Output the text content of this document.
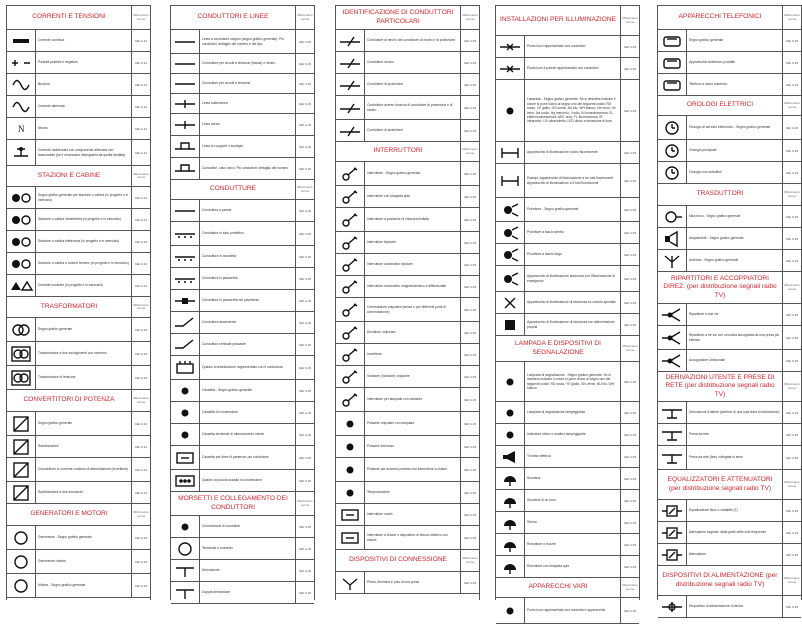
CORRENTI E TENSIONI	Riferimento norme
Corrente continua	CEI 3-14
Polarità positiva e negativa	CEI 3-14
Bicolore	CEI 3-14
Corrente alternata	CEI 3-14
N	Neutro	CEI 3-14
Corrente raddrizzata con componente alternata non trascurabile (se è necessario distinguerla da quella livellata)	CEI 3-14
STAZIONI E CABINE	Riferimento norme
Segno grafico generale per stazione o cabina (in progetto e in esercizio)	CEI 3-14
Stazione o cabina idroelettrica (in progetto e in esercizio)	CEI 3-14
Stazione o cabina elettronica (in progetto e in esercizio)	CEI 3-14
Stazione o cabina a motore termico (in progetto e in esercizio)	CEI 3-14
Centrale nucleare (in progetto e in esercizio)	CEI 3-14
TRASFORMATORI	Riferimento norme
Segno grafico generale	CEI 3-14
Trasformatore a due avvolgimenti con schermo	CEI 3-14
Trasformatore di tensione	CEI 3-14
CONVERTITORI DI POTENZA	Riferimento norme
Segno grafico generale	CEI 3-14
Raddrizzatore	CEI 3-14
Convertitore in corrente continua di alimentazione (invertitore)	CEI 3-14
Raddrizzatore a due semionde	CEI 3-14
GENERATORI E MOTORI	Riferimento norme
Generatore - Segno grafico generale	CEI 3-14
Generatore rotante	CEI 3-14
Motore - Segno grafico generale	CEI 3-14
CONDUTTORI E LINEE	Riferimento norme
Linea a conduttore singolo (segno grafico generale). Più conduttori: dettaglio del numero e del tipo	CEI 3-15
Conduttore per circuiti a tensione (bassa) o neutro	CEI 3-15
Conduttore per circuiti a tensione	CEI 3-15
Linea sotterranea	CEI 3-15
Linea aerea	CEI 3-15
Linea su supporti o sostegni	CEI 3-15
Conduttori, cavo cieco. Più conduttori: dettaglio del numero	CEI 3-15
CONDUTTURE	Riferimento norme
Conduttura a parete	CEI 3-15
Conduttura in tubo protettivo	CEI 3-15
Conduttura in canaletta	CEI 3-15
Conduttura in passerella	CEI 3-15
Conduttura in passerella nel pavimento	CEI 3-15
Conduttura ascendente	CEI 3-15
Conduttura verticale passante	CEI 3-15
Quadro di distribuzione rappresentato con 5 conduttura	CEI 3-15
Cassetta - Segno grafico generale	CEI 3-15
Cassetta di connessione	CEI 3-15
Cassetta terminale di allacciamento utente	CEI 3-15
Cassetta per linee di partenza: più conduttore	CEI 3-15
Quadro di piccola scatola di connessione	CEI 3-15
MORSETTI E COLLEGAMENTO DEI CONDUTTORI
Riferimento norme
Connessione di conduttori	CEI 3-15
Terminale o morsetto	CEI 3-15
Derivazione	CEI 3-15
Doppia derivazione	CEI 3-15
IDENTIFICAZIONE DI CONDUTTORI PARTICOLARI
Riferimento norme
Conduttore di neutro del conduttore di neutro e di protezione	CEI 3-15
Conduttore neutro	CEI 3-15
Conduttore di protezione	CEI 3-15
Conduttore avente funzioni di conduttore di protezione e di neutro	CEI 3-15
Conduttore di protezione	CEI 3-15
INTERRUTTORI	Riferimento norme
Interruttore - Segno grafico generale	CEI 3-15
Interruttore con lampada spia	CEI 3-15
Interruttore a posizione di chiusura limitata	CEI 3-15
Interruttore bipolare	CEI 3-15
Interruttore automatico bipolare	CEI 3-15
Interruttore automatico magnetotermico e differenziale	CEI 3-15
Commutatore unipolare (senza o per differenti punti di commutazione)	CEI 3-15
Deviatore unipolare	CEI 3-15
Invertitore	CEI 3-15
Variatore (Variatori) unipolare	CEI 3-15
Interruttore per lampade con variatore	CEI 3-15
Pulsante unipolare con lampada	CEI 3-15
Pulsante luminoso	CEI 3-15
Pulsante per accesso protetto con interruttore a chiave	CEI 3-15
Temporizzatore	CEI 3-15
Interruttore orario	CEI 3-15
Interruttore a chiave o dispositivo di blocco elettrico con chiave	CEI 3-15
DISPOSITIVI DI CONNESSIONE	Riferimento norme
Presa, femmina e polo di una presa	CEI 3-15
INSTALLAZIONI PER ILLUMINAZIONE	Riferimento norme
Punto luce rappresentato con conduttori	CEI 3-15
Punto luce a parete rappresentato con conduttori	CEI 3-15
Lampada - Segno grafico generale. Se si desidera indicare il colore si pone vicino al segno uno dei seguenti codici: RD rosso, YE giallo, GN verde, BU blu, WH bianco, Ne neon, Xe xeno, Na sodio, Hg mercurio, I iodio, IN incandescenza, EL elettroluminescenza, ARC arco, FL fluorescenza, IR infrarosso, UV ultravioletto, LED diodo a emissione di luce
CEI 3-15
Apparecchio di illuminazione a tubo fluorescente	CEI 3-15
Esempi: Apparecchio di illuminazione a tre tubi fluorescenti. Apparecchio di illuminazione a 5 tubi fluorescenti	CEI 3-15
Proiettore - Segno grafico generale	CEI 3-15
Proiettore a fascio stretto	CEI 3-15
Proiettore a fascio largo	CEI 3-15
Apparecchio di illuminazione autonomo per l'illuminazione di emergenza	CEI 3-15
Apparecchio di illuminazione di sicurezza su circuito speciale	CEI 3-15
Apparecchio di illuminazione di sicurezza con alimentazione propria	CEI 3-15
LAMPADA E DISPOSITIVI DI SEGNALAZIONE
Riferimento norme
Lampada di segnalazione - Segno grafico generale. Se si desidera indicare il colore si pone vicino al segno uno dei seguenti codici: RD rosso, YE giallo, GN verde, BU blu, WH bianco
CEI 3-15
Lampada di segnalazione lampeggiante	CEI 3-15
Indicatore ottico o cicalino lampeggiante	CEI 3-15
Tromba elettrica	CEI 3-15
Suoneria	CEI 3-15
Suoneria di un tono	CEI 3-15
Sirena	CEI 3-15
Ronzatore o buzzer	CEI 3-15
Ronzatore con lampada spia	CEI 3-15
APPARECCHI VARI	Riferimento norme
Punto luce rappresentato con conduttori: apparecchio	CEI 3-15
APPARECCHI TELEFONICI	Riferimento norme
Segno grafico generale	CEI 3-15
Apparecchio telefonico portatile	CEI 3-15
Telefono a disco numerico	CEI 3-15
OROLOGI ELETTRICI	Riferimento norme
Orologio di servizio elettronico - Segno grafico generale	CEI 3-15
Orologio principale	CEI 3-15
Orologio con sottotitoli	CEI 3-15
TRASDUTTORI	Riferimento norme
Microfono - Segno grafico generale	CEI 3-15
Altoparlante - Segno grafico generale	CEI 3-15
Antenna - Segno grafico generale	CEI 3-15
RIPARTITORI E ACCOPPIATORI DIREZ. (per distribuzione segnali radio TV)
Riferimento norme
Ripartitore a due vie	CEI 3-15
Ripartitore a tre vie con un'uscita accoppiata da una presa più elevata	CEI 3-15
Accoppiatore direzionale	CEI 3-15
DERIVAZIONI UTENTE E PRESE DI RETE (per distribuzione segnali radio TV)
Riferimento norme
Derivazione d'utente (simbolo di una sola linea di derivazione)	CEI 3-15
Presa da rete	CEI 3-15
Presa da rete (fine) collegata in serie	CEI 3-15
EQUALIZZATORI E ATTENUATORI (per distribuzione segnali radio TV)
Riferimento norme
Equalizzatore fisso o variabile (1)	CEI 3-15
Attenuatore segnale: dalla parte delle sole frequenze	CEI 3-15
Attenuatore	CEI 3-15
DISPOSITIVI DI ALIMENTAZIONE (per distribuzione segnali radio TV)
Riferimento norme
Dispositivo di alimentazione d'utenza	CEI 3-15
